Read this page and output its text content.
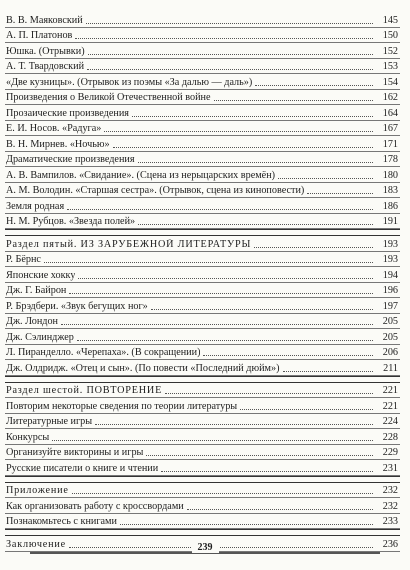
В. В. Маяковский	145
А. П. Платонов	150
Юшка. (Отрывки)	152
А. Т. Твардовский	153
«Две кузницы». (Отрывок из поэмы «За далью — даль»)	154
Произведения о Великой Отечественной войне	162
Прозаические произведения	164
Е. И. Носов. «Радуга»	167
В. Н. Мирнев. «Ночью»	171
Драматические произведения	178
А. В. Вампилов. «Свидание». (Сцена из нерыцарских времён)	180
А. М. Володин. «Старшая сестра». (Отрывок, сцена из киноповести)	183
Земля родная	186
Н. М. Рубцов. «Звезда полей»	191
Раздел пятый. ИЗ ЗАРУБЕЖНОЙ ЛИТЕРАТУРЫ	193
Р. Бёрнс	193
Японские хокку	194
Дж. Г. Байрон	196
Р. Брэдбери. «Звук бегущих ног»	197
Дж. Лондон	205
Дж. Сэлинджер	205
Л. Пиранделло. «Черепаха». (В сокращении)	206
Дж. Олдридж. «Отец и сын». (По повести «Последний дюйм»)	211
Раздел шестой. ПОВТОРЕНИЕ	221
Повторим некоторые сведения по теории литературы	221
Литературные игры	224
Конкурсы	228
Организуйте викторины и игры	229
Русские писатели о книге и чтении	231
Приложение	232
Как организовать работу с кроссвордами	232
Познакомьтесь с книгами	233
Заключение	236
239
